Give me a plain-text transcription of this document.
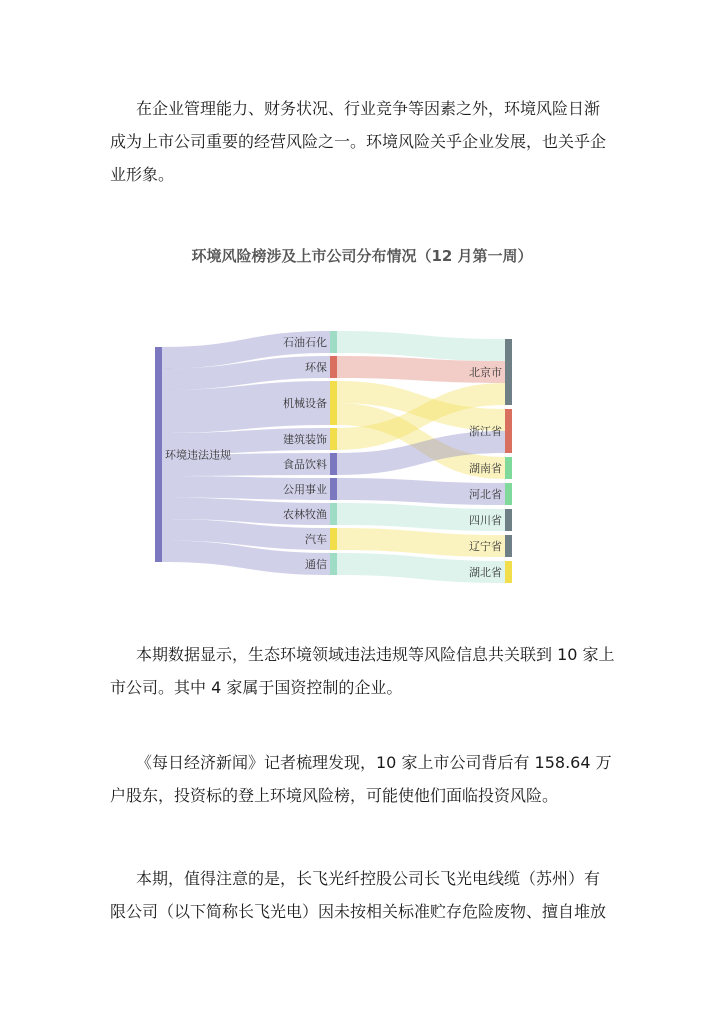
在企业管理能力、财务状况、行业竞争等因素之外，环境风险日渐
成为上市公司重要的经营风险之一。环境风险关乎企业发展，也关乎企
业形象。

环境风险榜涉及上市公司分布情况（12 月第一周）
环境违法违规
石油石化
环保
机械设备
建筑装饰
食品饮料
公用事业
农林牧渔
汽车
通信
北京市
浙江省
湖南省
河北省
四川省
辽宁省
湖北省

本期数据显示，生态环境领域违法违规等风险信息共关联到 10 家上
市公司。其中 4 家属于国资控制的企业。

《每日经济新闻》记者梳理发现，10 家上市公司背后有 158.64 万
户股东，投资标的登上环境风险榜，可能使他们面临投资风险。

本期，值得注意的是，长飞光纤控股公司长飞光电线缆（苏州）有
限公司（以下简称长飞光电）因未按相关标准贮存危险废物、擅自堆放
